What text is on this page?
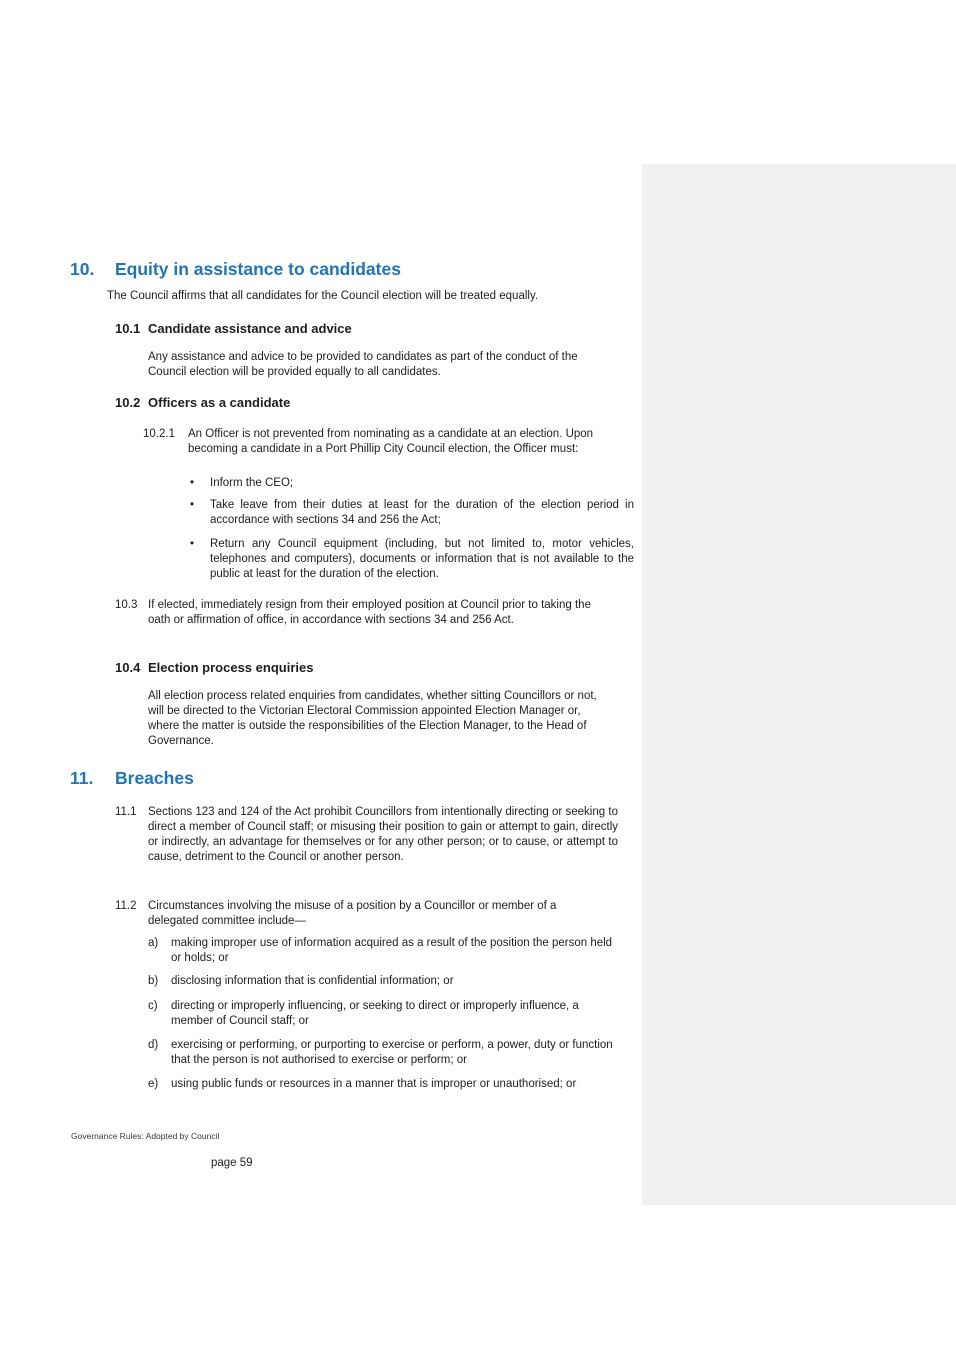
10.	Equity in assistance to candidates
The Council affirms that all candidates for the Council election will be treated equally.
10.1 Candidate assistance and advice
Any assistance and advice to be provided to candidates as part of the conduct of the Council election will be provided equally to all candidates.
10.2 Officers as a candidate
10.2.1	An Officer is not prevented from nominating as a candidate at an election. Upon becoming a candidate in a Port Phillip City Council election, the Officer must:
•
Inform the CEO;
•
Take leave from their duties at least for the duration of the election period in accordance with sections 34 and 256 the Act;
•
Return any Council equipment (including, but not limited to, motor vehicles, telephones and computers), documents or information that is not available to the public at least for the duration of the election.
10.3 If elected, immediately resign from their employed position at Council prior to taking the oath or affirmation of office, in accordance with sections 34 and 256 Act.
10.4 Election process enquiries
All election process related enquiries from candidates, whether sitting Councillors or not, will be directed to the Victorian Electoral Commission appointed Election Manager or, where the matter is outside the responsibilities of the Election Manager, to the Head of Governance.
11.	Breaches
11.1 Sections 123 and 124 of the Act prohibit Councillors from intentionally directing or seeking to direct a member of Council staff; or misusing their position to gain or attempt to gain, directly or indirectly, an advantage for themselves or for any other person; or to cause, or attempt to cause, detriment to the Council or another person.
11.2 Circumstances involving the misuse of a position by a Councillor or member of a delegated committee include—
a)	making improper use of information acquired as a result of the position the person held or holds; or
b)	disclosing information that is confidential information; or
c)	directing or improperly influencing, or seeking to direct or improperly influence, a member of Council staff; or
d)	exercising or performing, or purporting to exercise or perform, a power, duty or function that the person is not authorised to exercise or perform; or
e)	using public funds or resources in a manner that is improper or unauthorised; or
Governance Rules: Adopted by Council
page 59
